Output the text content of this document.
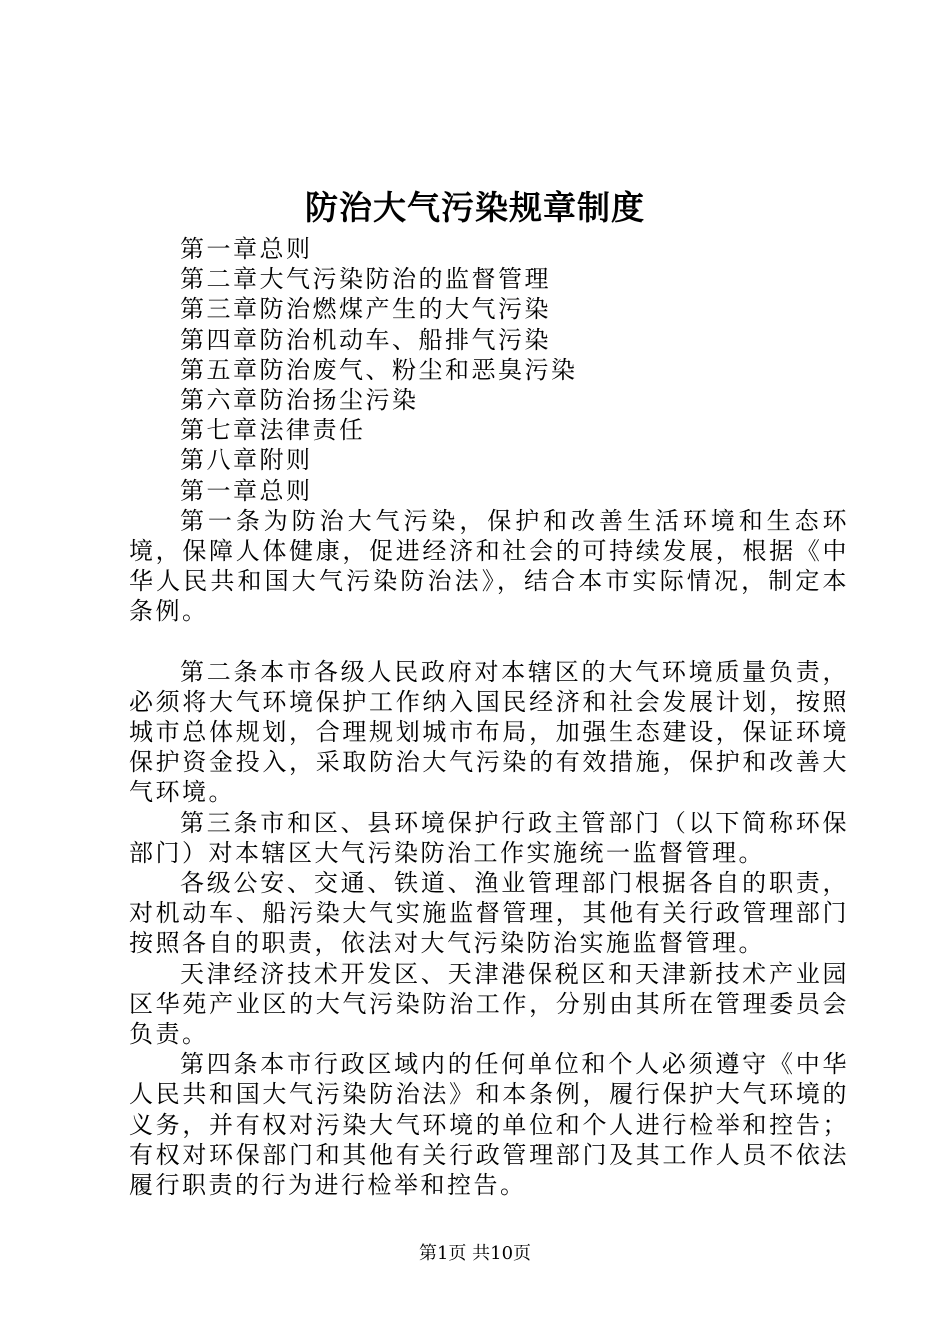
防治大气污染规章制度

第一章总则

第二章大气污染防治的监督管理

第三章防治燃煤产生的大气污染

第四章防治机动车、船排气污染

第五章防治废气、粉尘和恶臭污染

第六章防治扬尘污染

第七章法律责任

第八章附则

第一章总则

第一条为防治大气污染，保护和改善生活环境和生态环境，保障人体健康，促进经济和社会的可持续发展，根据《中华人民共和国大气污染防治法》，结合本市实际情况，制定本条例。

第二条本市各级人民政府对本辖区的大气环境质量负责，必须将大气环境保护工作纳入国民经济和社会发展计划，按照城市总体规划，合理规划城市布局，加强生态建设，保证环境保护资金投入，采取防治大气污染的有效措施，保护和改善大气环境。

第三条市和区、县环境保护行政主管部门（以下简称环保部门）对本辖区大气污染防治工作实施统一监督管理。

各级公安、交通、铁道、渔业管理部门根据各自的职责，对机动车、船污染大气实施监督管理，其他有关行政管理部门按照各自的职责，依法对大气污染防治实施监督管理。

天津经济技术开发区、天津港保税区和天津新技术产业园区华苑产业区的大气污染防治工作，分别由其所在管理委员会负责。

第四条本市行政区域内的任何单位和个人必须遵守《中华人民共和国大气污染防治法》和本条例，履行保护大气环境的义务，并有权对污染大气环境的单位和个人进行检举和控告；有权对环保部门和其他有关行政管理部门及其工作人员不依法履行职责的行为进行检举和控告。

第1页 共10页
